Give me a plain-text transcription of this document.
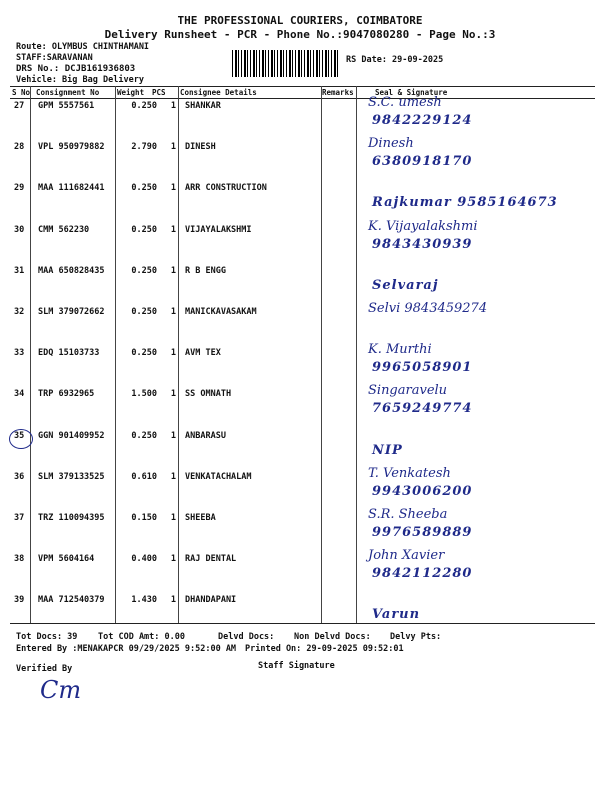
THE PROFESSIONAL COURIERS, COIMBATORE
Delivery Runsheet - PCR - Phone No.:9047080280 - Page No.:3
Route: OLYMBUS CHINTHAMANI
STAFF:SARAVANAN
DRS No.: DCJB161936803
Vehicle: Big Bag Delivery
RS Date: 29-09-2025
S No Consignment No Weight PCS Consignee Details	Remarks	Seal & Signature
27 GPM 5557561	0.250	1 SHANKAR	S.C. umesh
9842229124
28 VPL 950979882	2.790	1 DINESH	Dinesh
6380918170
29 MAA 111682441	0.250	1 ARR CONSTRUCTION
Rajkumar 9585164673
30 CMM 562230	0.250	1 VIJAYALAKSHMI	K. Vijayalakshmi
9843430939
31 MAA 650828435	0.250	1 R B ENGG
Selvaraj
32 SLM 379072662	0.250	1 MANICKAVASAKAM	Selvi 9843459274
33 EDQ 15103733	0.250	1 AVM TEX	K. Murthi
9965058901
34 TRP 6932965	1.500	1 SS OMNATH	Singaravelu
7659249774
35 GGN 901409952	0.250	1 ANBARASU
NIP
36 SLM 379133525	0.610	1 VENKATACHALAM	T. Venkatesh
9943006200
37 TRZ 110094395	0.150	1 SHEEBA	S.R. Sheeba
9976589889
38 VPM 5604164	0.400	1 RAJ DENTAL	John Xavier
9842112280
39 MAA 712540379	1.430	1 DHANDAPANI
Varun
Tot Docs: 39 Tot COD Amt: 0.00	Delvd Docs: Non Delvd Docs: Delvy Pts:
Entered By :MENAKAPCR 09/29/2025 9:52:00 AM Printed On: 29-09-2025 09:52:01
Verified By	Staff Signature
Cm
